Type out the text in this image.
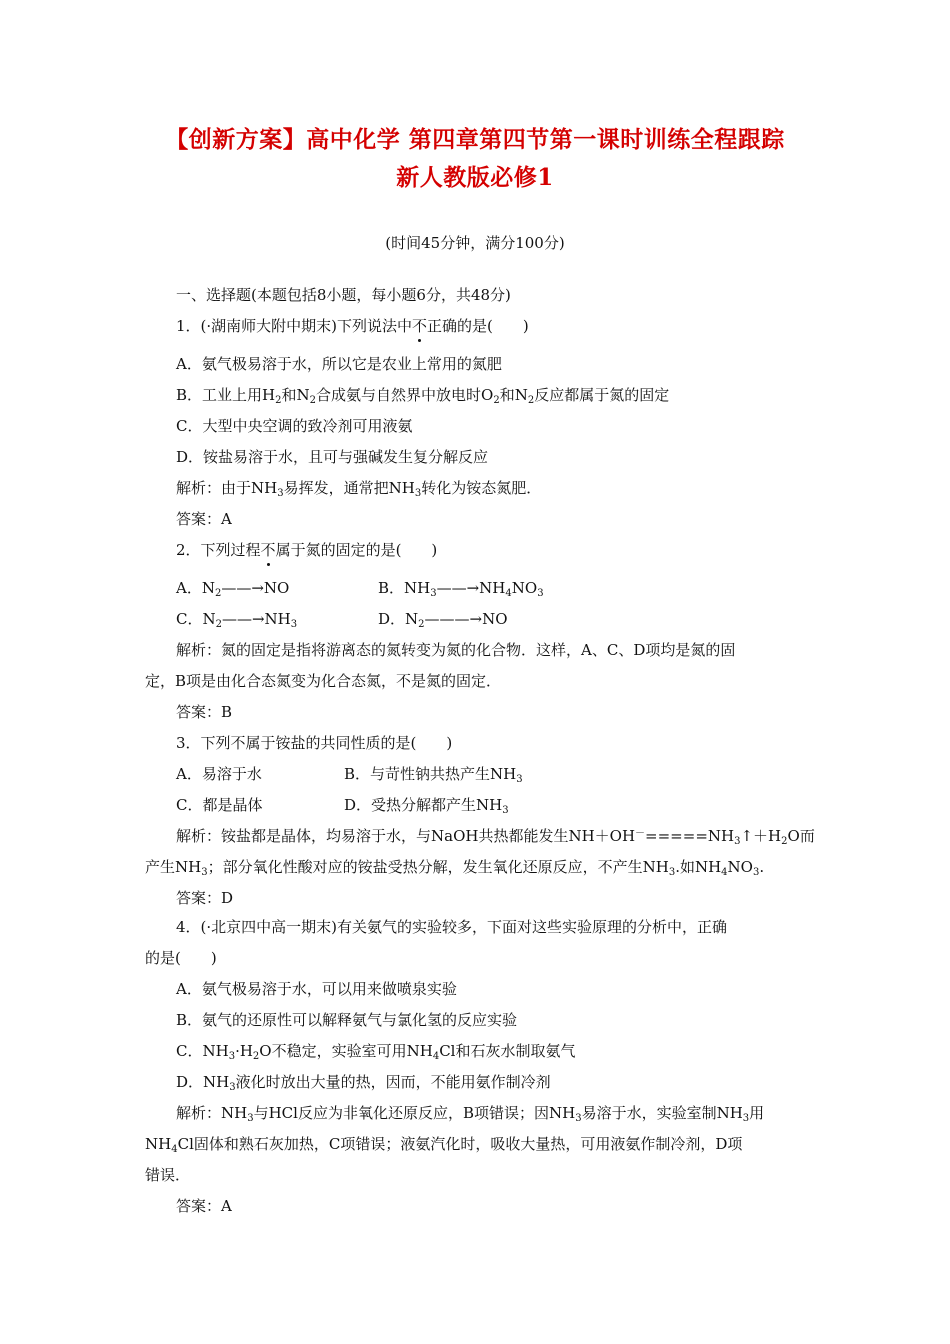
【创新方案】高中化学 第四章第四节第一课时训练全程跟踪
新人教版必修1
(时间45分钟，满分100分)
一、选择题(本题包括8小题，每小题6分，共48分)
1．(·湖南师大附中期末)下列说法中不正确的是(　　)
A．氨气极易溶于水，所以它是农业上常用的氮肥
B．工业上用$H_2$和$N_2$合成氨与自然界中放电时$O_2$和$N_2$反应都属于氮的固定
C．大型中央空调的致冷剂可用液氨
D．铵盐易溶于水，且可与强碱发生复分解反应
解析：由于$NH_3$易挥发，通常把$NH_3$转化为铵态氮肥．
答案：A
2．下列过程不属于氮的固定的是(　　)
A．$N_2——\to NO$	B．$NH_3——\to NH_4NO_3$
C．$N_2——\to NH_3$	D．$N_2———\to NO$
解析：氮的固定是指将游离态的氮转变为氮的化合物．这样，A、C、D项均是氮的固
定，B项是由化合态氮变为化合态氮，不是氮的固定．
答案：B
3．下列不属于铵盐的共同性质的是(　　)
A．易溶于水	B．与苛性钠共热产生$NH_3$
C．都是晶体	D．受热分解都产生$NH_3$
解析：铵盐都是晶体，均易溶于水，与NaOH共热都能发生$NH+OH^-=====NH_3↑+H_2O$而
产生$NH_3$；部分氧化性酸对应的铵盐受热分解，发生氧化还原反应，不产生$NH_3$.如$NH_4NO_3$.
答案：D
4．(·北京四中高一期末)有关氨气的实验较多，下面对这些实验原理的分析中，正确
的是(　　)
A．氨气极易溶于水，可以用来做喷泉实验
B．氨气的还原性可以解释氨气与氯化氢的反应实验
C．$NH_3\cdot H_2O$不稳定，实验室可用$NH_4Cl$和石灰水制取氨气
D．$NH_3$液化时放出大量的热，因而，不能用氨作制冷剂
解析：$NH_3$与HCl反应为非氧化还原反应，B项错误；因$NH_3$易溶于水，实验室制$NH_3$用
$NH_4Cl$固体和熟石灰加热，C项错误；液氨汽化时，吸收大量热，可用液氨作制冷剂，D项
错误．
答案：A
